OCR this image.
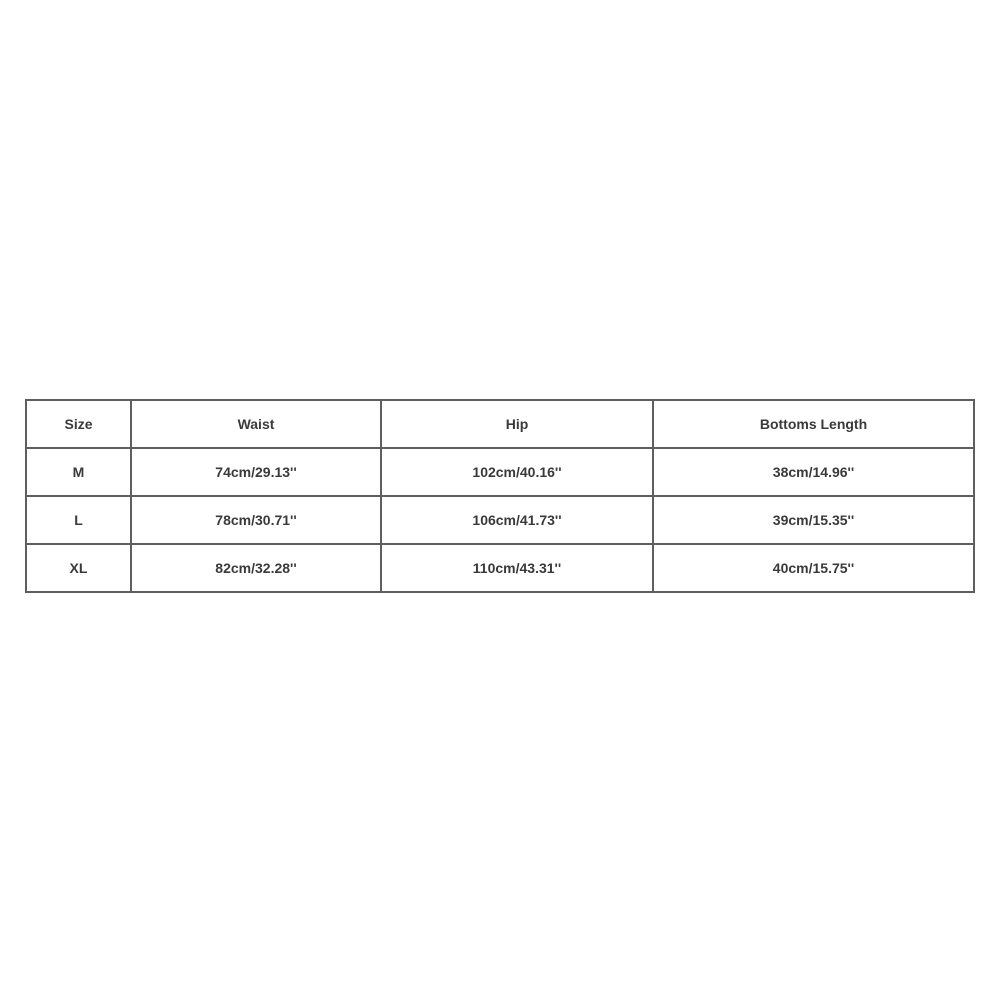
Size	Waist	Hip	Bottoms Length
M	74cm/29.13''	102cm/40.16''	38cm/14.96''
L	78cm/30.71''	106cm/41.73''	39cm/15.35''
XL	82cm/32.28''	110cm/43.31''	40cm/15.75''
